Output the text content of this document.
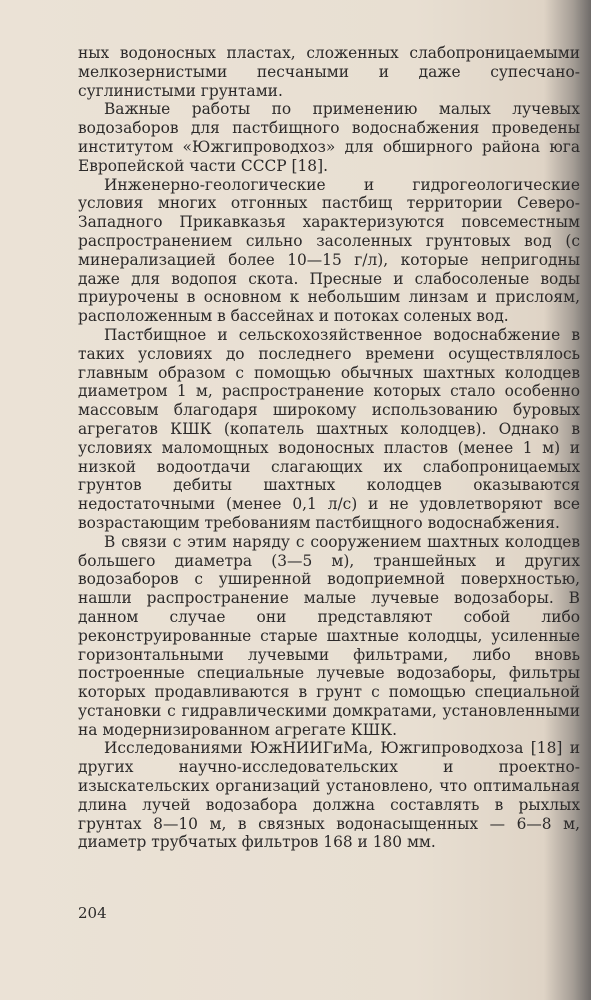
ных водоносных пластах, сложенных слабопроницаемыми мелкозернистыми песчаными и даже супесчано-суглинистыми грунтами.

Важные работы по применению малых лучевых водозаборов для пастбищного водоснабжения проведены институтом «Южгипроводхоз» для обширного района юга Европейской части СССР [18].

Инженерно-геологические и гидрогеологические условия многих отгонных пастбищ территории Северо-Западного Прикавказья характеризуются повсеместным распространением сильно засоленных грунтовых вод (с минерализацией более 10—15 г/л), которые непригодны даже для водопоя скота. Пресные и слабосоленые воды приурочены в основном к небольшим линзам и прислоям, расположенным в бассейнах и потоках соленых вод.

Пастбищное и сельскохозяйственное водоснабжение в таких условиях до последнего времени осуществлялось главным образом с помощью обычных шахтных колодцев диаметром 1 м, распространение которых стало особенно массовым благодаря широкому использованию буровых агрегатов КШК (копатель шахтных колодцев). Однако в условиях маломощных водоносных пластов (менее 1 м) и низкой водоотдачи слагающих их слабопроницаемых грунтов дебиты шахтных колодцев оказываются недостаточными (менее 0,1 л/с) и не удовлетворяют все возрастающим требованиям пастбищного водоснабжения.

В связи с этим наряду с сооружением шахтных колодцев большего диаметра (3—5 м), траншейных и других водозаборов с уширенной водоприемной поверхностью, нашли распространение малые лучевые водозаборы. В данном случае они представляют собой либо реконструированные старые шахтные колодцы, усиленные горизонтальными лучевыми фильтрами, либо вновь построенные специальные лучевые водозаборы, фильтры которых продавливаются в грунт с помощью специальной установки с гидравлическими домкратами, установленными на модернизированном агрегате КШК.

Исследованиями ЮжНИИГиМа, Южгипроводхоза [18] и других научно-исследовательских и проектно-изыскательских организаций установлено, что оптимальная длина лучей водозабора должна составлять в рыхлых грунтах 8—10 м, в связных водонасыщенных — 6—8 м, диаметр трубчатых фильтров 168 и 180 мм.

204
